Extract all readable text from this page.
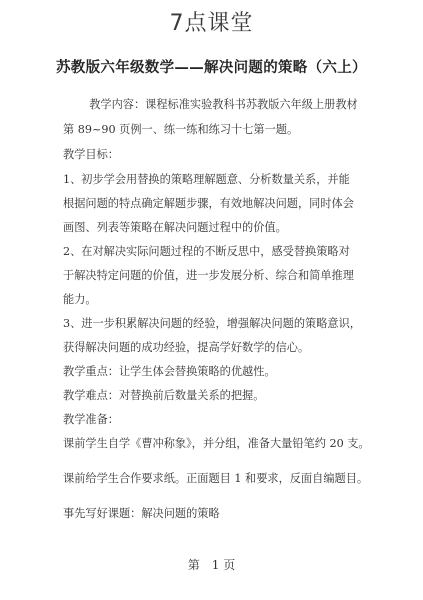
7点课堂
苏教版六年级数学——解决问题的策略（六上）
　教学内容：课程标准实验教科书苏教版六年级上册教材
第 89~90 页例一、练一练和练习十七第一题。
教学目标：
1、初步学会用替换的策略理解题意、分析数量关系，并能
根据问题的特点确定解题步骤，有效地解决问题，同时体会
画图、列表等策略在解决问题过程中的价值。
2、在对解决实际问题过程的不断反思中，感受替换策略对
于解决特定问题的价值，进一步发展分析、综合和简单推理
能力。
3、进一步积累解决问题的经验，增强解决问题的策略意识，
获得解决问题的成功经验，提高学好数学的信心。
教学重点：让学生体会替换策略的优越性。
教学难点：对替换前后数量关系的把握。
教学准备：
课前学生自学《曹冲称象》，并分组，准备大量铅笔约 20 支。
课前给学生合作要求纸。正面题目 1 和要求，反面自编题目。
事先写好课题：解决问题的策略
第　1 页
